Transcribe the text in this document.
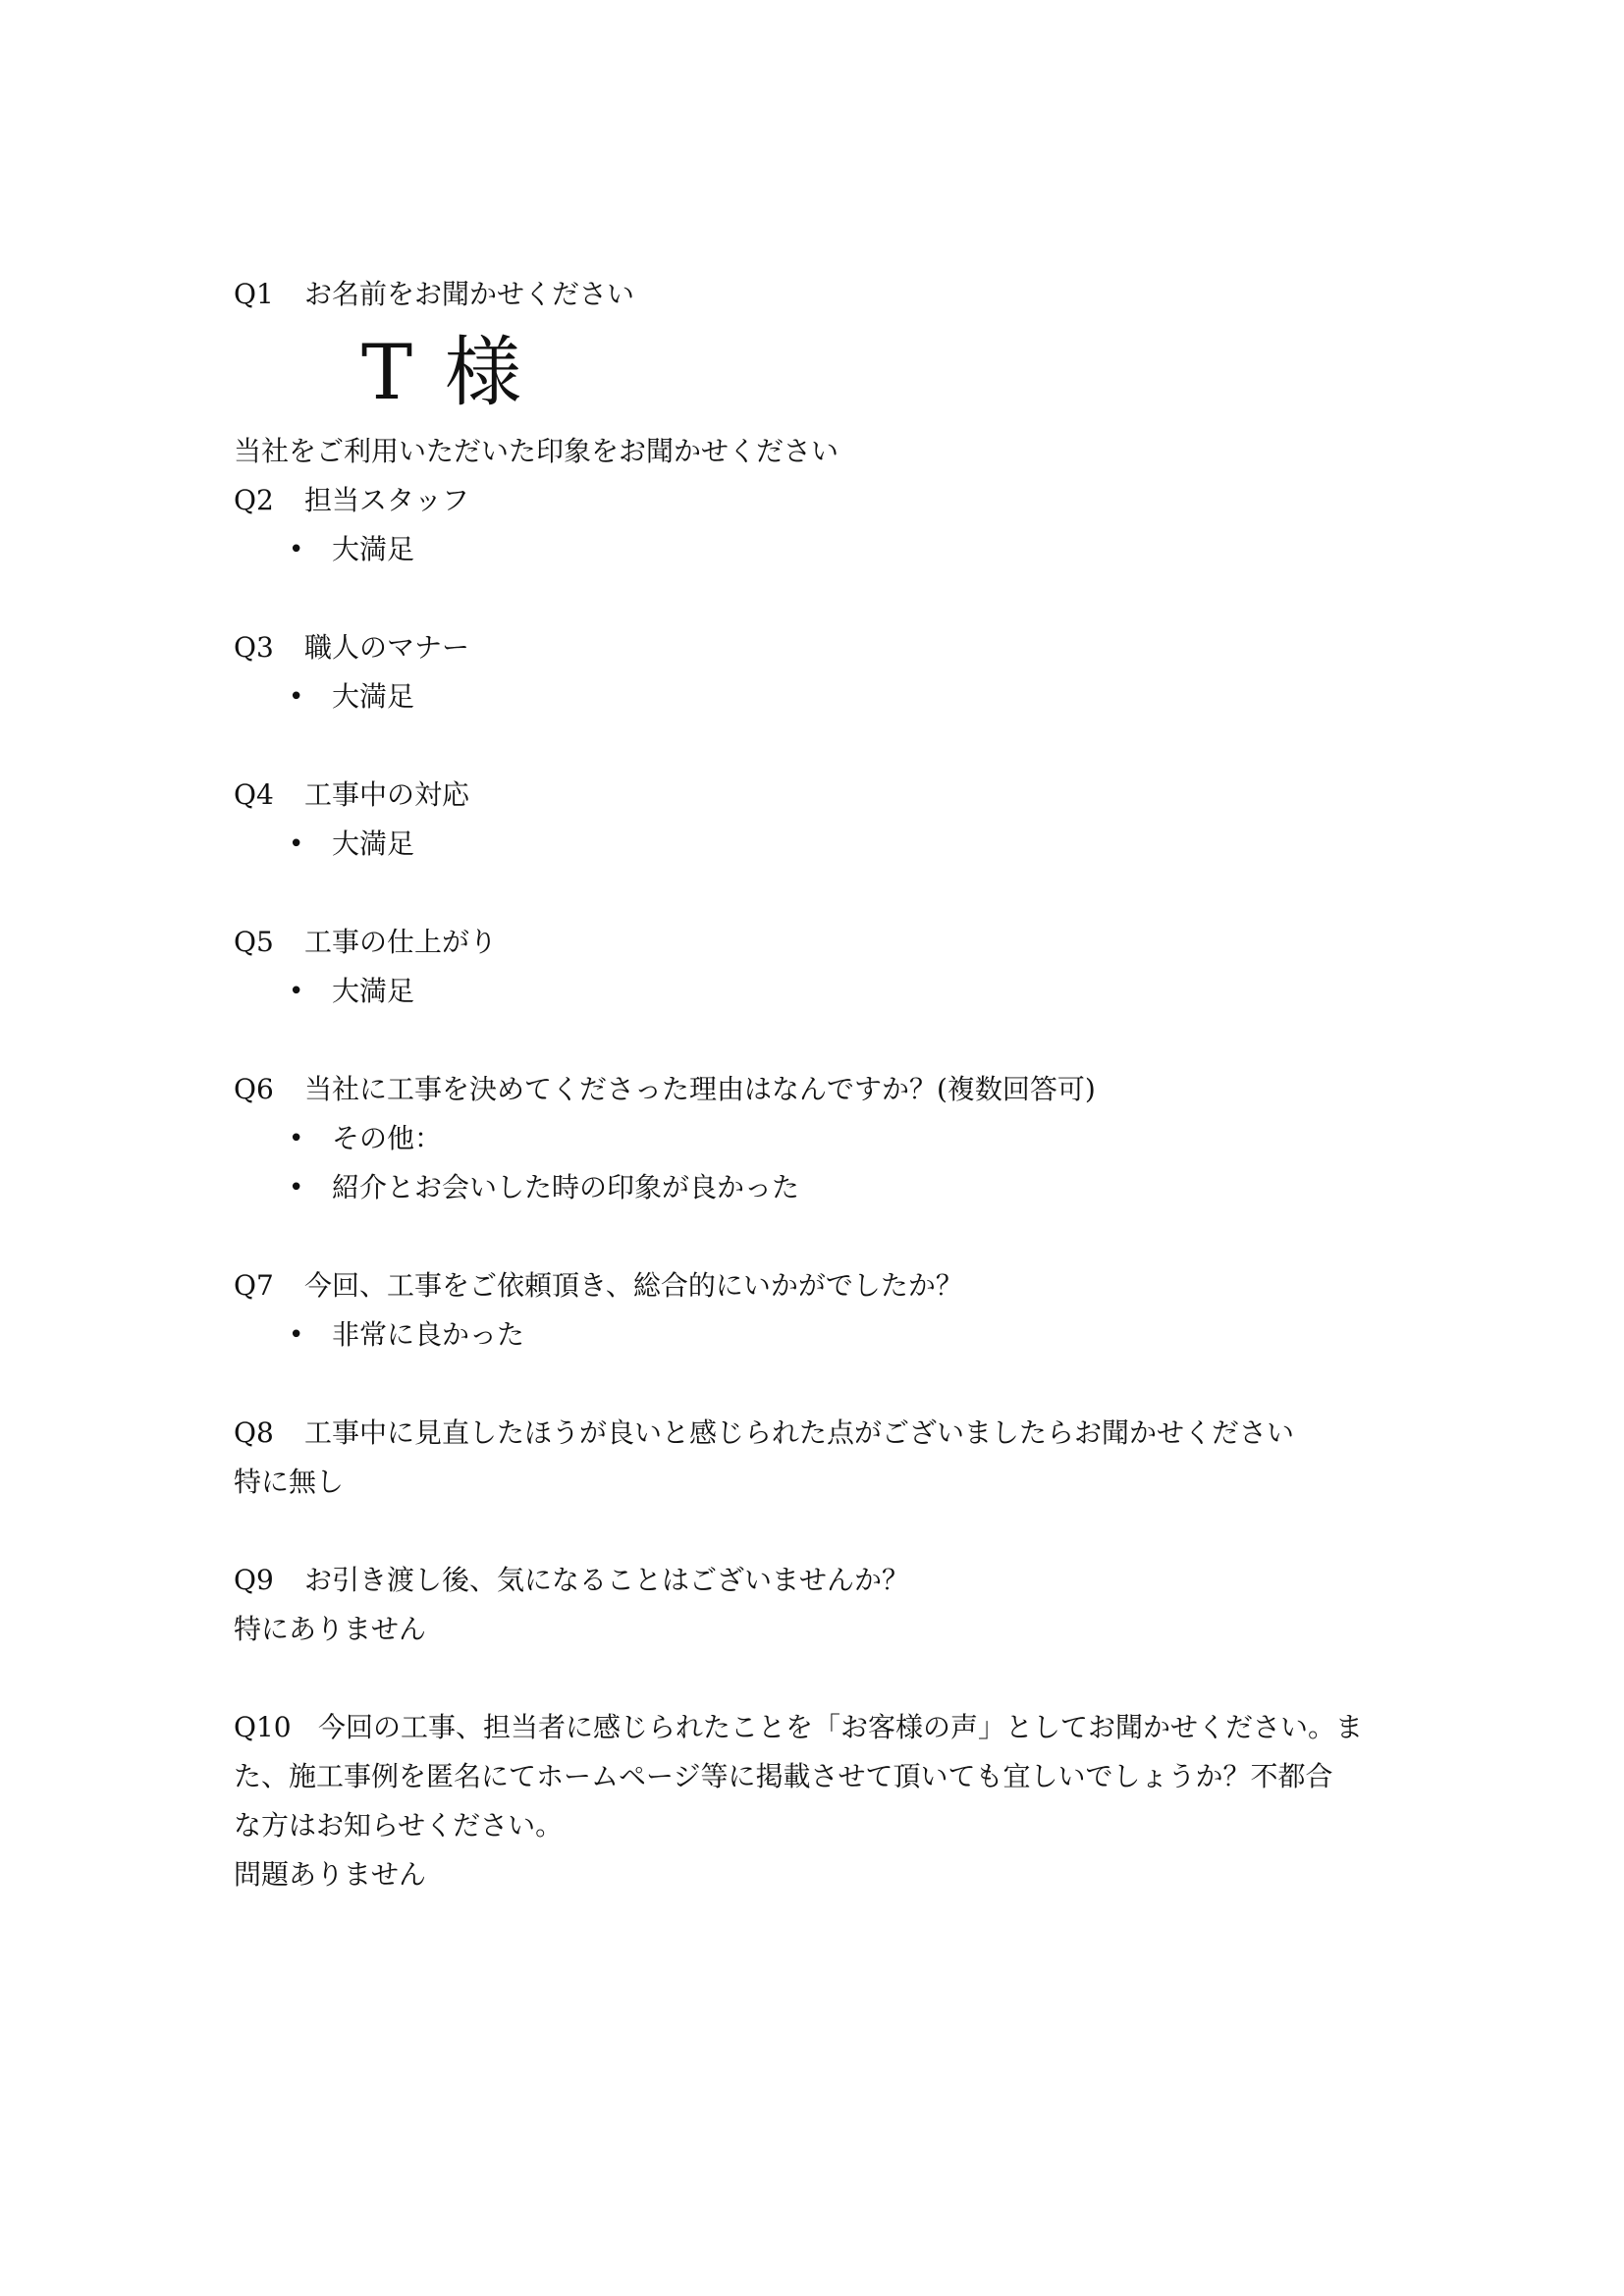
Q1 お名前をお聞かせください
T 様
当社をご利用いただいた印象をお聞かせください
Q2 担当スタッフ
• 大満足
Q3 職人のマナー
• 大満足
Q4 工事中の対応
• 大満足
Q5 工事の仕上がり
• 大満足
Q6 当社に工事を決めてくださった理由はなんですか？(複数回答可)
• その他：
• 紹介とお会いした時の印象が良かった
Q7 今回、工事をご依頼頂き、総合的にいかがでしたか？
• 非常に良かった
Q8 工事中に見直したほうが良いと感じられた点がございましたらお聞かせください
特に無し
Q9 お引き渡し後、気になることはございませんか？
特にありません
Q10 今回の工事、担当者に感じられたことを「お客様の声」としてお聞かせください。ま
た、施工事例を匿名にてホームページ等に掲載させて頂いても宜しいでしょうか？不都合
な方はお知らせください。
問題ありません
